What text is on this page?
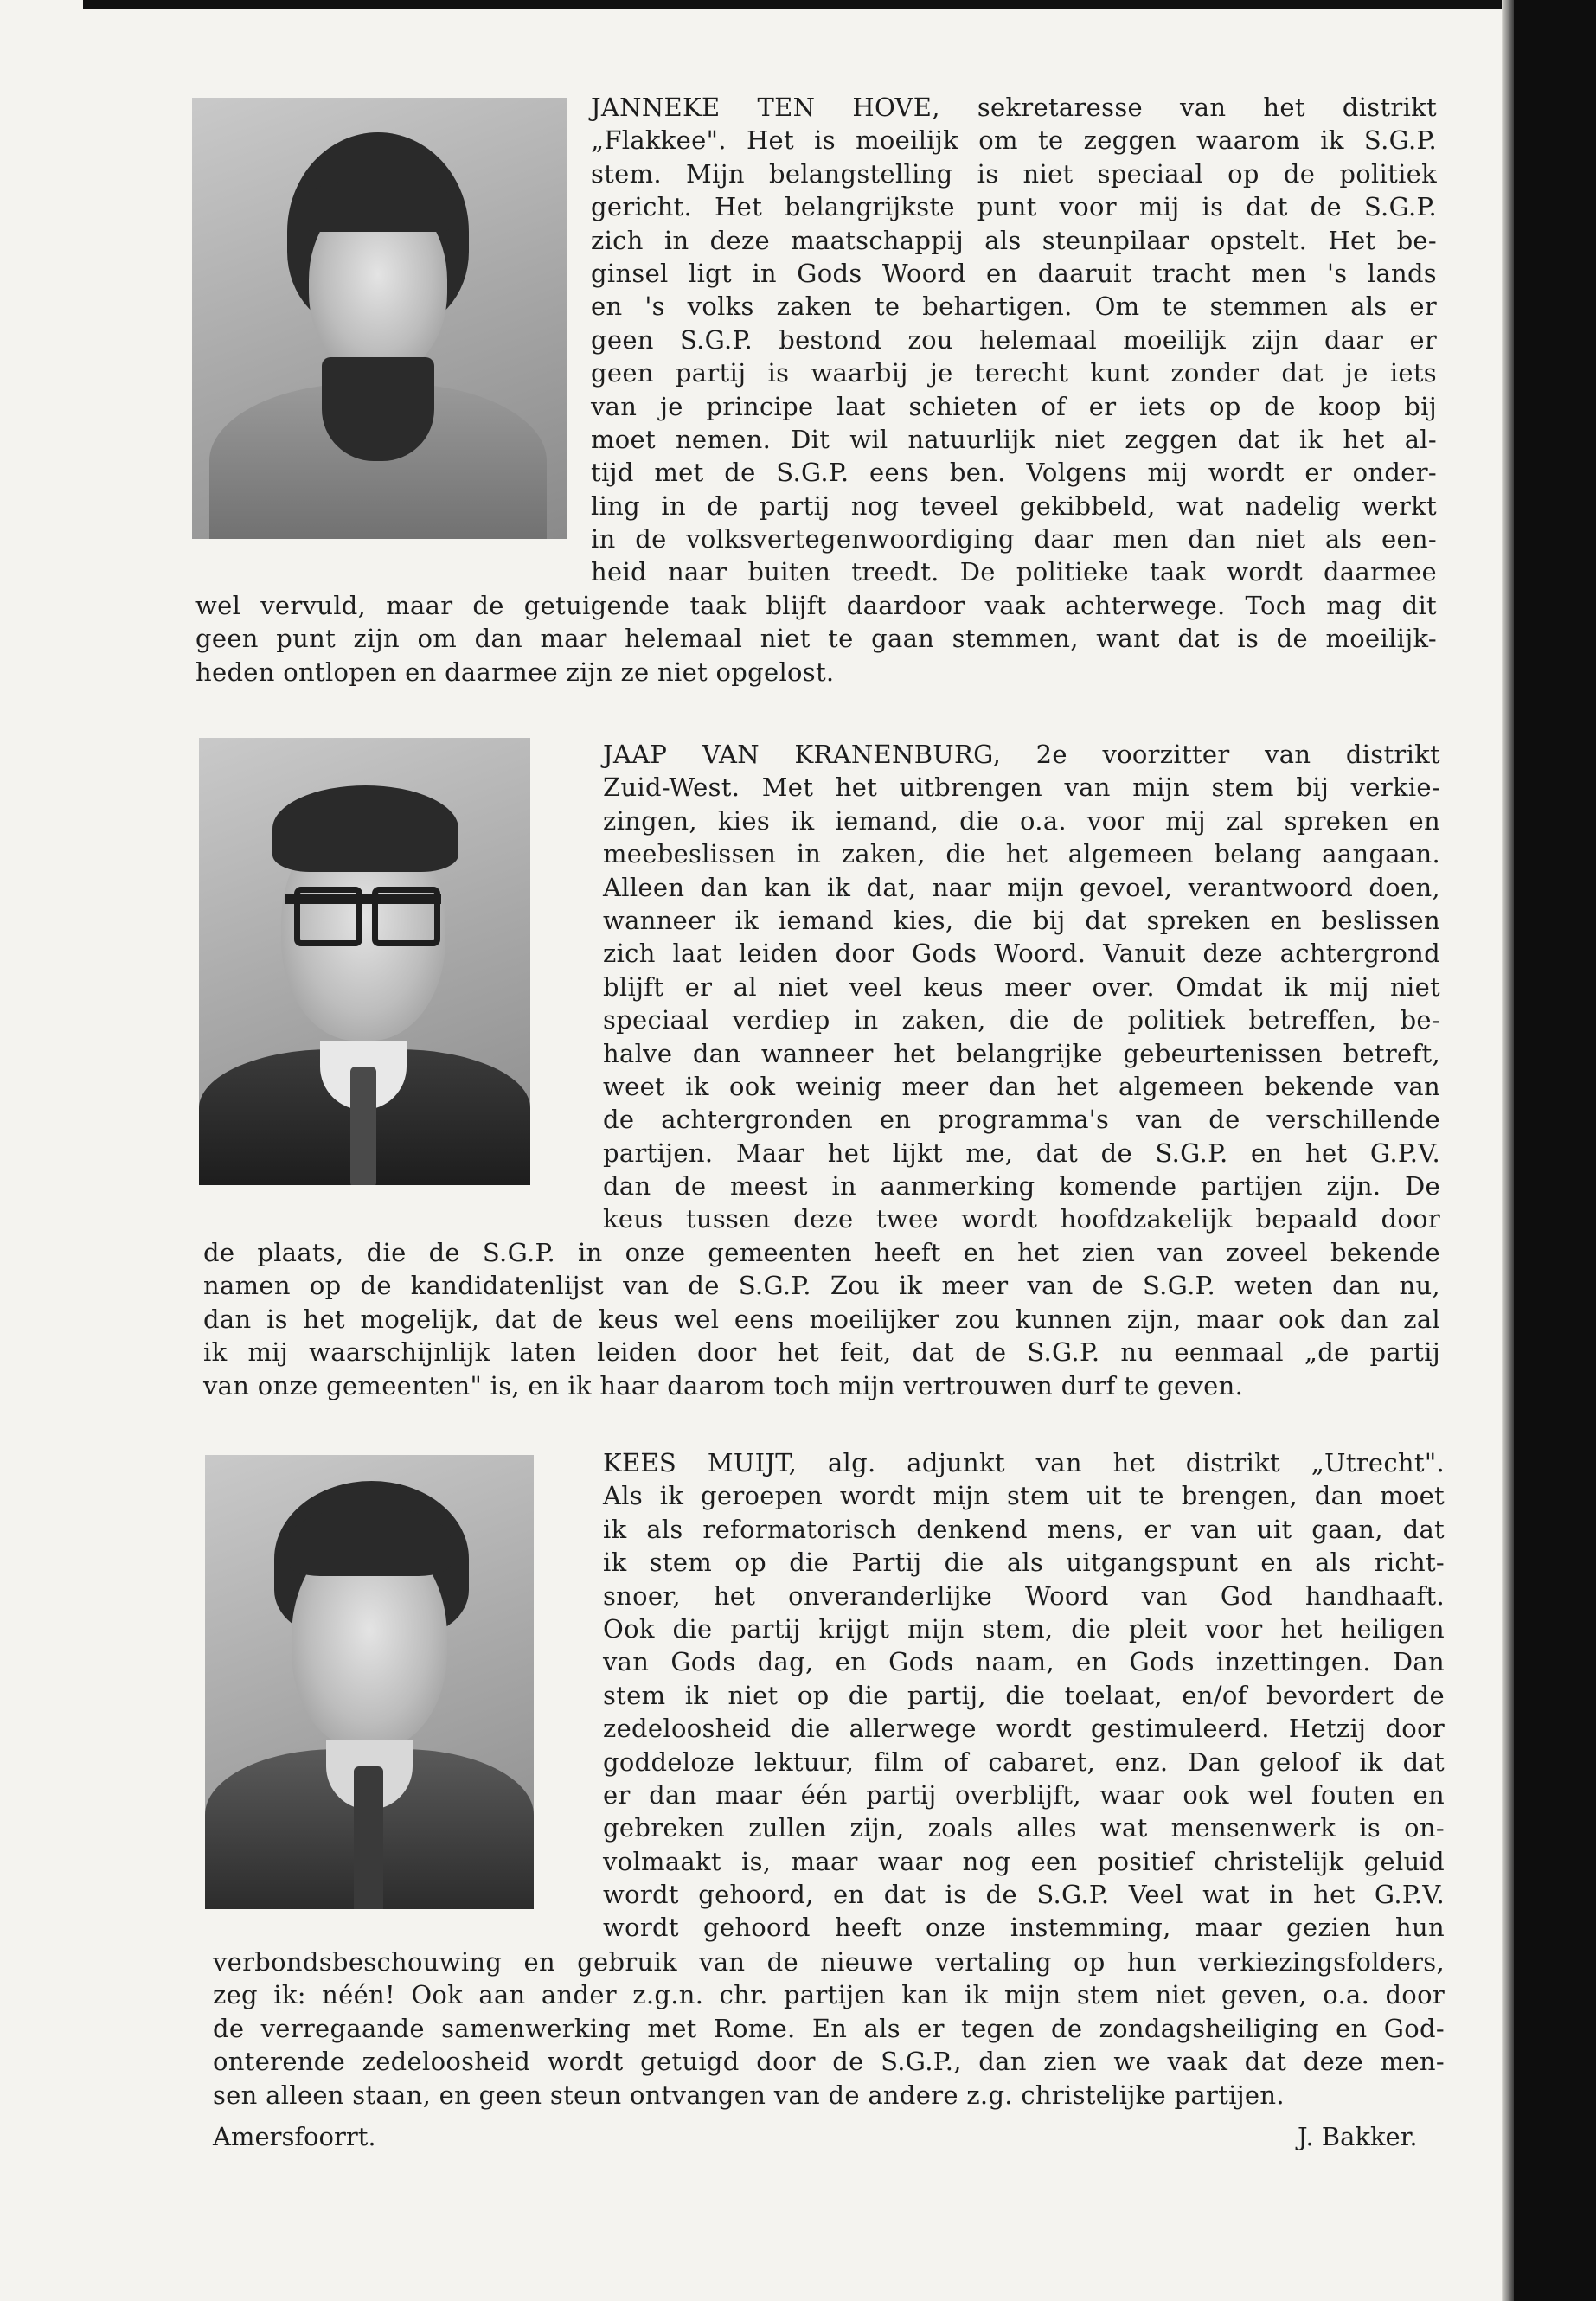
JANNEKE TEN HOVE, sekretaresse van het distrikt
„Flakkee". Het is moeilijk om te zeggen waarom ik S.G.P.
stem. Mijn belangstelling is niet speciaal op de politiek
gericht. Het belangrijkste punt voor mij is dat de S.G.P.
zich in deze maatschappij als steunpilaar opstelt. Het be-
ginsel ligt in Gods Woord en daaruit tracht men 's lands
en 's volks zaken te behartigen. Om te stemmen als er
geen S.G.P. bestond zou helemaal moeilijk zijn daar er
geen partij is waarbij je terecht kunt zonder dat je iets
van je principe laat schieten of er iets op de koop bij
moet nemen. Dit wil natuurlijk niet zeggen dat ik het al-
tijd met de S.G.P. eens ben. Volgens mij wordt er onder-
ling in de partij nog teveel gekibbeld, wat nadelig werkt
in de volksvertegenwoordiging daar men dan niet als een-
heid naar buiten treedt. De politieke taak wordt daarmee
wel vervuld, maar de getuigende taak blijft daardoor vaak achterwege. Toch mag dit
geen punt zijn om dan maar helemaal niet te gaan stemmen, want dat is de moeilijk-
heden ontlopen en daarmee zijn ze niet opgelost.
JAAP VAN KRANENBURG, 2e voorzitter van distrikt
Zuid-West. Met het uitbrengen van mijn stem bij verkie-
zingen, kies ik iemand, die o.a. voor mij zal spreken en
meebeslissen in zaken, die het algemeen belang aangaan.
Alleen dan kan ik dat, naar mijn gevoel, verantwoord doen,
wanneer ik iemand kies, die bij dat spreken en beslissen
zich laat leiden door Gods Woord. Vanuit deze achtergrond
blijft er al niet veel keus meer over. Omdat ik mij niet
speciaal verdiep in zaken, die de politiek betreffen, be-
halve dan wanneer het belangrijke gebeurtenissen betreft,
weet ik ook weinig meer dan het algemeen bekende van
de achtergronden en programma's van de verschillende
partijen. Maar het lijkt me, dat de S.G.P. en het G.P.V.
dan de meest in aanmerking komende partijen zijn. De
keus tussen deze twee wordt hoofdzakelijk bepaald door
de plaats, die de S.G.P. in onze gemeenten heeft en het zien van zoveel bekende
namen op de kandidatenlijst van de S.G.P. Zou ik meer van de S.G.P. weten dan nu,
dan is het mogelijk, dat de keus wel eens moeilijker zou kunnen zijn, maar ook dan zal
ik mij waarschijnlijk laten leiden door het feit, dat de S.G.P. nu eenmaal „de partij
van onze gemeenten" is, en ik haar daarom toch mijn vertrouwen durf te geven.
KEES MUIJT, alg. adjunkt van het distrikt „Utrecht".
Als ik geroepen wordt mijn stem uit te brengen, dan moet
ik als reformatorisch denkend mens, er van uit gaan, dat
ik stem op die Partij die als uitgangspunt en als richt-
snoer, het onveranderlijke Woord van God handhaaft.
Ook die partij krijgt mijn stem, die pleit voor het heiligen
van Gods dag, en Gods naam, en Gods inzettingen. Dan
stem ik niet op die partij, die toelaat, en/of bevordert de
zedeloosheid die allerwege wordt gestimuleerd. Hetzij door
goddeloze lektuur, film of cabaret, enz. Dan geloof ik dat
er dan maar één partij overblijft, waar ook wel fouten en
gebreken zullen zijn, zoals alles wat mensenwerk is on-
volmaakt is, maar waar nog een positief christelijk geluid
wordt gehoord, en dat is de S.G.P. Veel wat in het G.P.V.
wordt gehoord heeft onze instemming, maar gezien hun
verbondsbeschouwing en gebruik van de nieuwe vertaling op hun verkiezingsfolders,
zeg ik: néén! Ook aan ander z.g.n. chr. partijen kan ik mijn stem niet geven, o.a. door
de verregaande samenwerking met Rome. En als er tegen de zondagsheiliging en God-
onterende zedeloosheid wordt getuigd door de S.G.P., dan zien we vaak dat deze men-
sen alleen staan, en geen steun ontvangen van de andere z.g. christelijke partijen.
Amersfoorrt.	J. Bakker.
